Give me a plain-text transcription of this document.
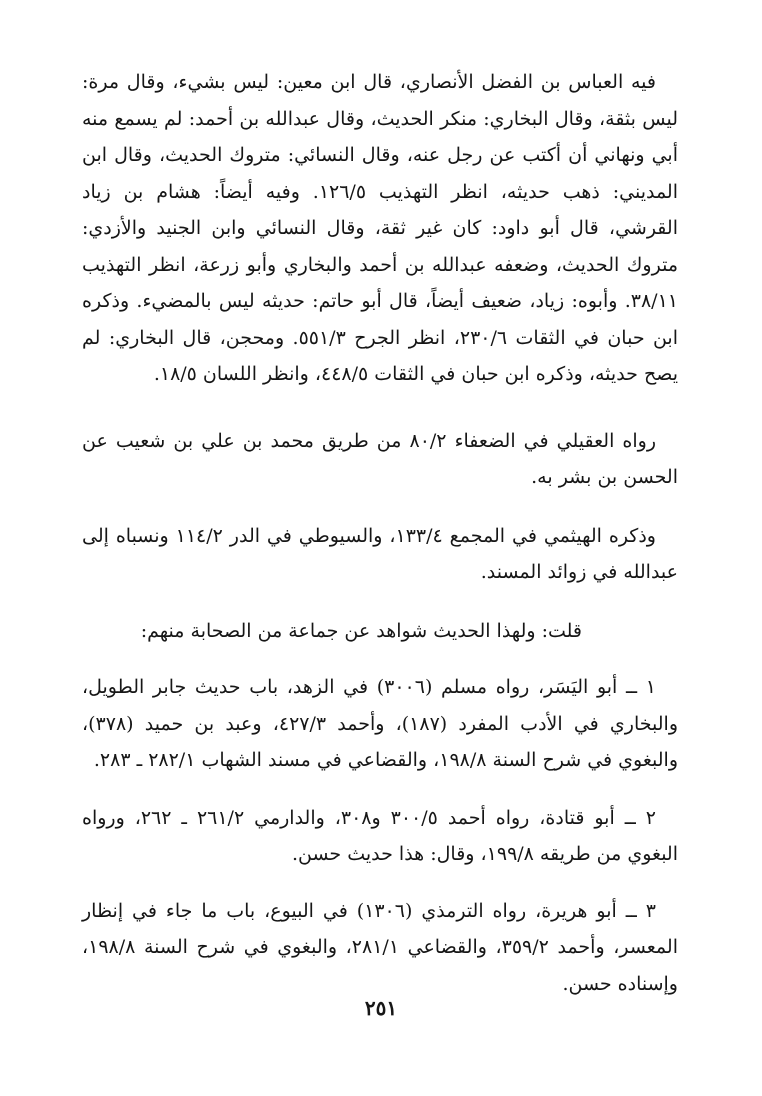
فيه العباس بن الفضل الأنصاري، قال ابن معين: ليس بشيء، وقال مرة: ليس بثقة، وقال البخاري: منكر الحديث، وقال عبدالله بن أحمد: لم يسمع منه أبي ونهاني أن أكتب عن رجل عنه، وقال النسائي: متروك الحديث، وقال ابن المديني: ذهب حديثه، انظر التهذيب ١٢٦/٥. وفيه أيضاً: هشام بن زياد القرشي، قال أبو داود: كان غير ثقة، وقال النسائي وابن الجنيد والأزدي: متروك الحديث، وضعفه عبدالله بن أحمد والبخاري وأبو زرعة، انظر التهذيب ٣٨/١١. وأبوه: زياد، ضعيف أيضاً، قال أبو حاتم: حديثه ليس بالمضيء. وذكره ابن حبان في الثقات ٢٣٠/٦، انظر الجرح ٥٥١/٣. ومحجن، قال البخاري: لم يصح حديثه، وذكره ابن حبان في الثقات ٤٤٨/٥، وانظر اللسان ١٨/٥.

رواه العقيلي في الضعفاء ٨٠/٢ من طريق محمد بن علي بن شعيب عن الحسن بن بشر به.

وذكره الهيثمي في المجمع ١٣٣/٤، والسيوطي في الدر ١١٤/٢ ونسباه إلى عبدالله في زوائد المسند.

قلت: ولهذا الحديث شواهد عن جماعة من الصحابة منهم:

١ ــ أبو اليَسَر، رواه مسلم (٣٠٠٦) في الزهد، باب حديث جابر الطويل، والبخاري في الأدب المفرد (١٨٧)، وأحمد ٤٢٧/٣، وعبد بن حميد (٣٧٨)، والبغوي في شرح السنة ١٩٨/٨، والقضاعي في مسند الشهاب ٢٨٢/١ ـ ٢٨٣.

٢ ــ أبو قتادة، رواه أحمد ٣٠٠/٥ و٣٠٨، والدارمي ٢٦١/٢ ـ ٢٦٢، ورواه البغوي من طريقه ١٩٩/٨، وقال: هذا حديث حسن.

٣ ــ أبو هريرة، رواه الترمذي (١٣٠٦) في البيوع، باب ما جاء في إنظار المعسر، وأحمد ٣٥٩/٢، والقضاعي ٢٨١/١، والبغوي في شرح السنة ١٩٨/٨، وإسناده حسن.

٢٥١
